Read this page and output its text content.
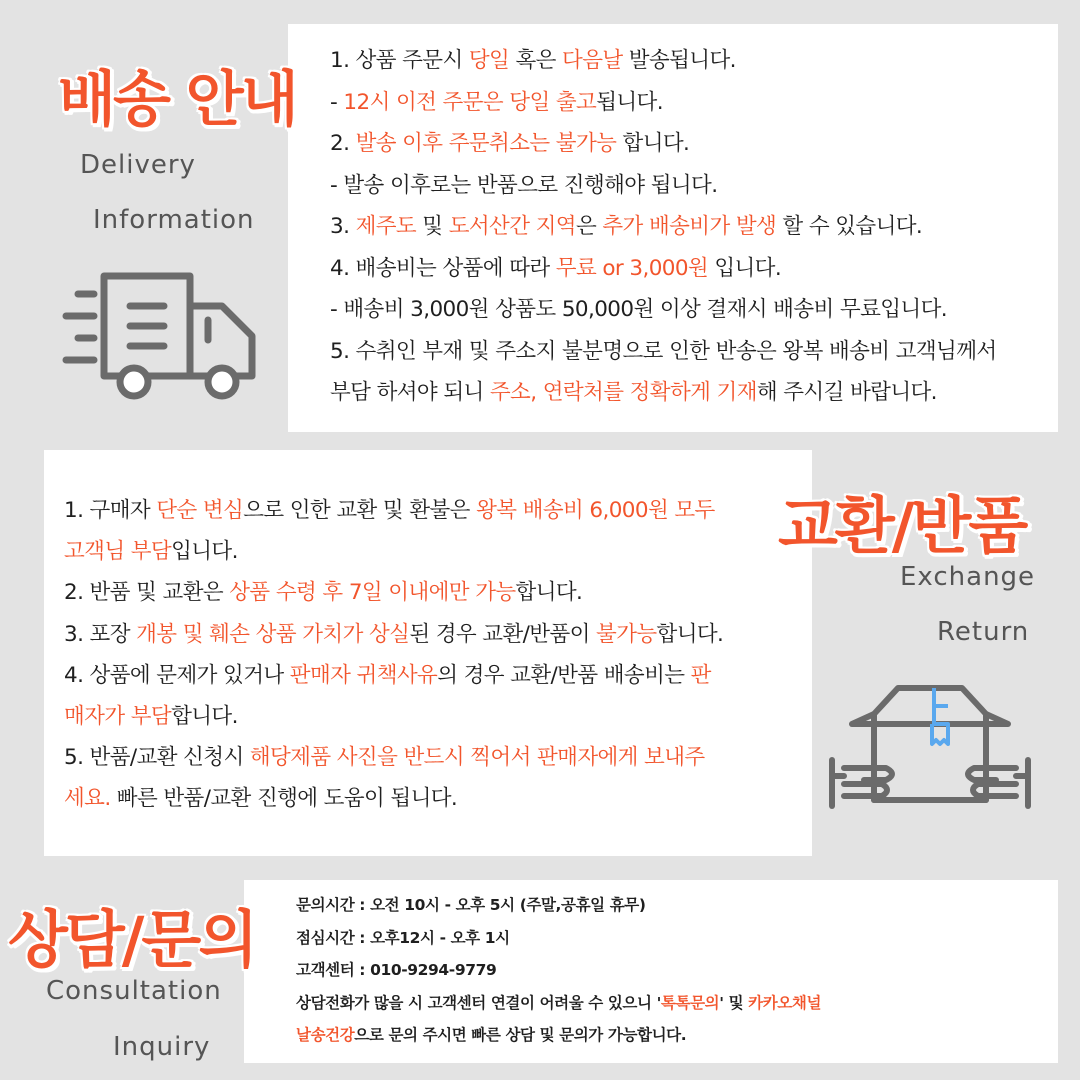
배송 안내
Delivery
Information
교환/반품
Exchange
Return
상담/문의
Consultation
Inquiry

1. 상품 주문시 당일 혹은 다음날 발송됩니다.

- 12시 이전 주문은 당일 출고됩니다.

2. 발송 이후 주문취소는 불가능 합니다.

- 발송 이후로는 반품으로 진행해야 됩니다.

3. 제주도 및 도서산간 지역은 추가 배송비가 발생 할 수 있습니다.

4. 배송비는 상품에 따라 무료 or 3,000원 입니다.

- 배송비 3,000원 상품도 50,000원 이상 결재시 배송비 무료입니다.

5. 수취인 부재 및 주소지 불분명으로 인한 반송은 왕복 배송비 고객님께서

부담 하셔야 되니 주소, 연락처를 정확하게 기재해 주시길 바랍니다.

1. 구매자 단순 변심으로 인한 교환 및 환불은 왕복 배송비 6,000원 모두

고객님 부담입니다.

2. 반품 및 교환은 상품 수령 후 7일 이내에만 가능합니다.

3. 포장 개봉 및 훼손 상품 가치가 상실된 경우 교환/반품이 불가능합니다.

4. 상품에 문제가 있거나 판매자 귀책사유의 경우 교환/반품 배송비는 판

매자가 부담합니다.

5. 반품/교환 신청시 해당제품 사진을 반드시 찍어서 판매자에게 보내주

세요. 빠른 반품/교환 진행에 도움이 됩니다.

문의시간 : 오전 10시 - 오후 5시 (주말,공휴일 휴무)

점심시간 : 오후12시 - 오후 1시

고객센터 : 010-9294-9779

상담전화가 많을 시 고객센터 연결이 어려울 수 있으니 '톡톡문의' 및 카카오채널

날송건강으로 문의 주시면 빠른 상담 및 문의가 가능합니다.
